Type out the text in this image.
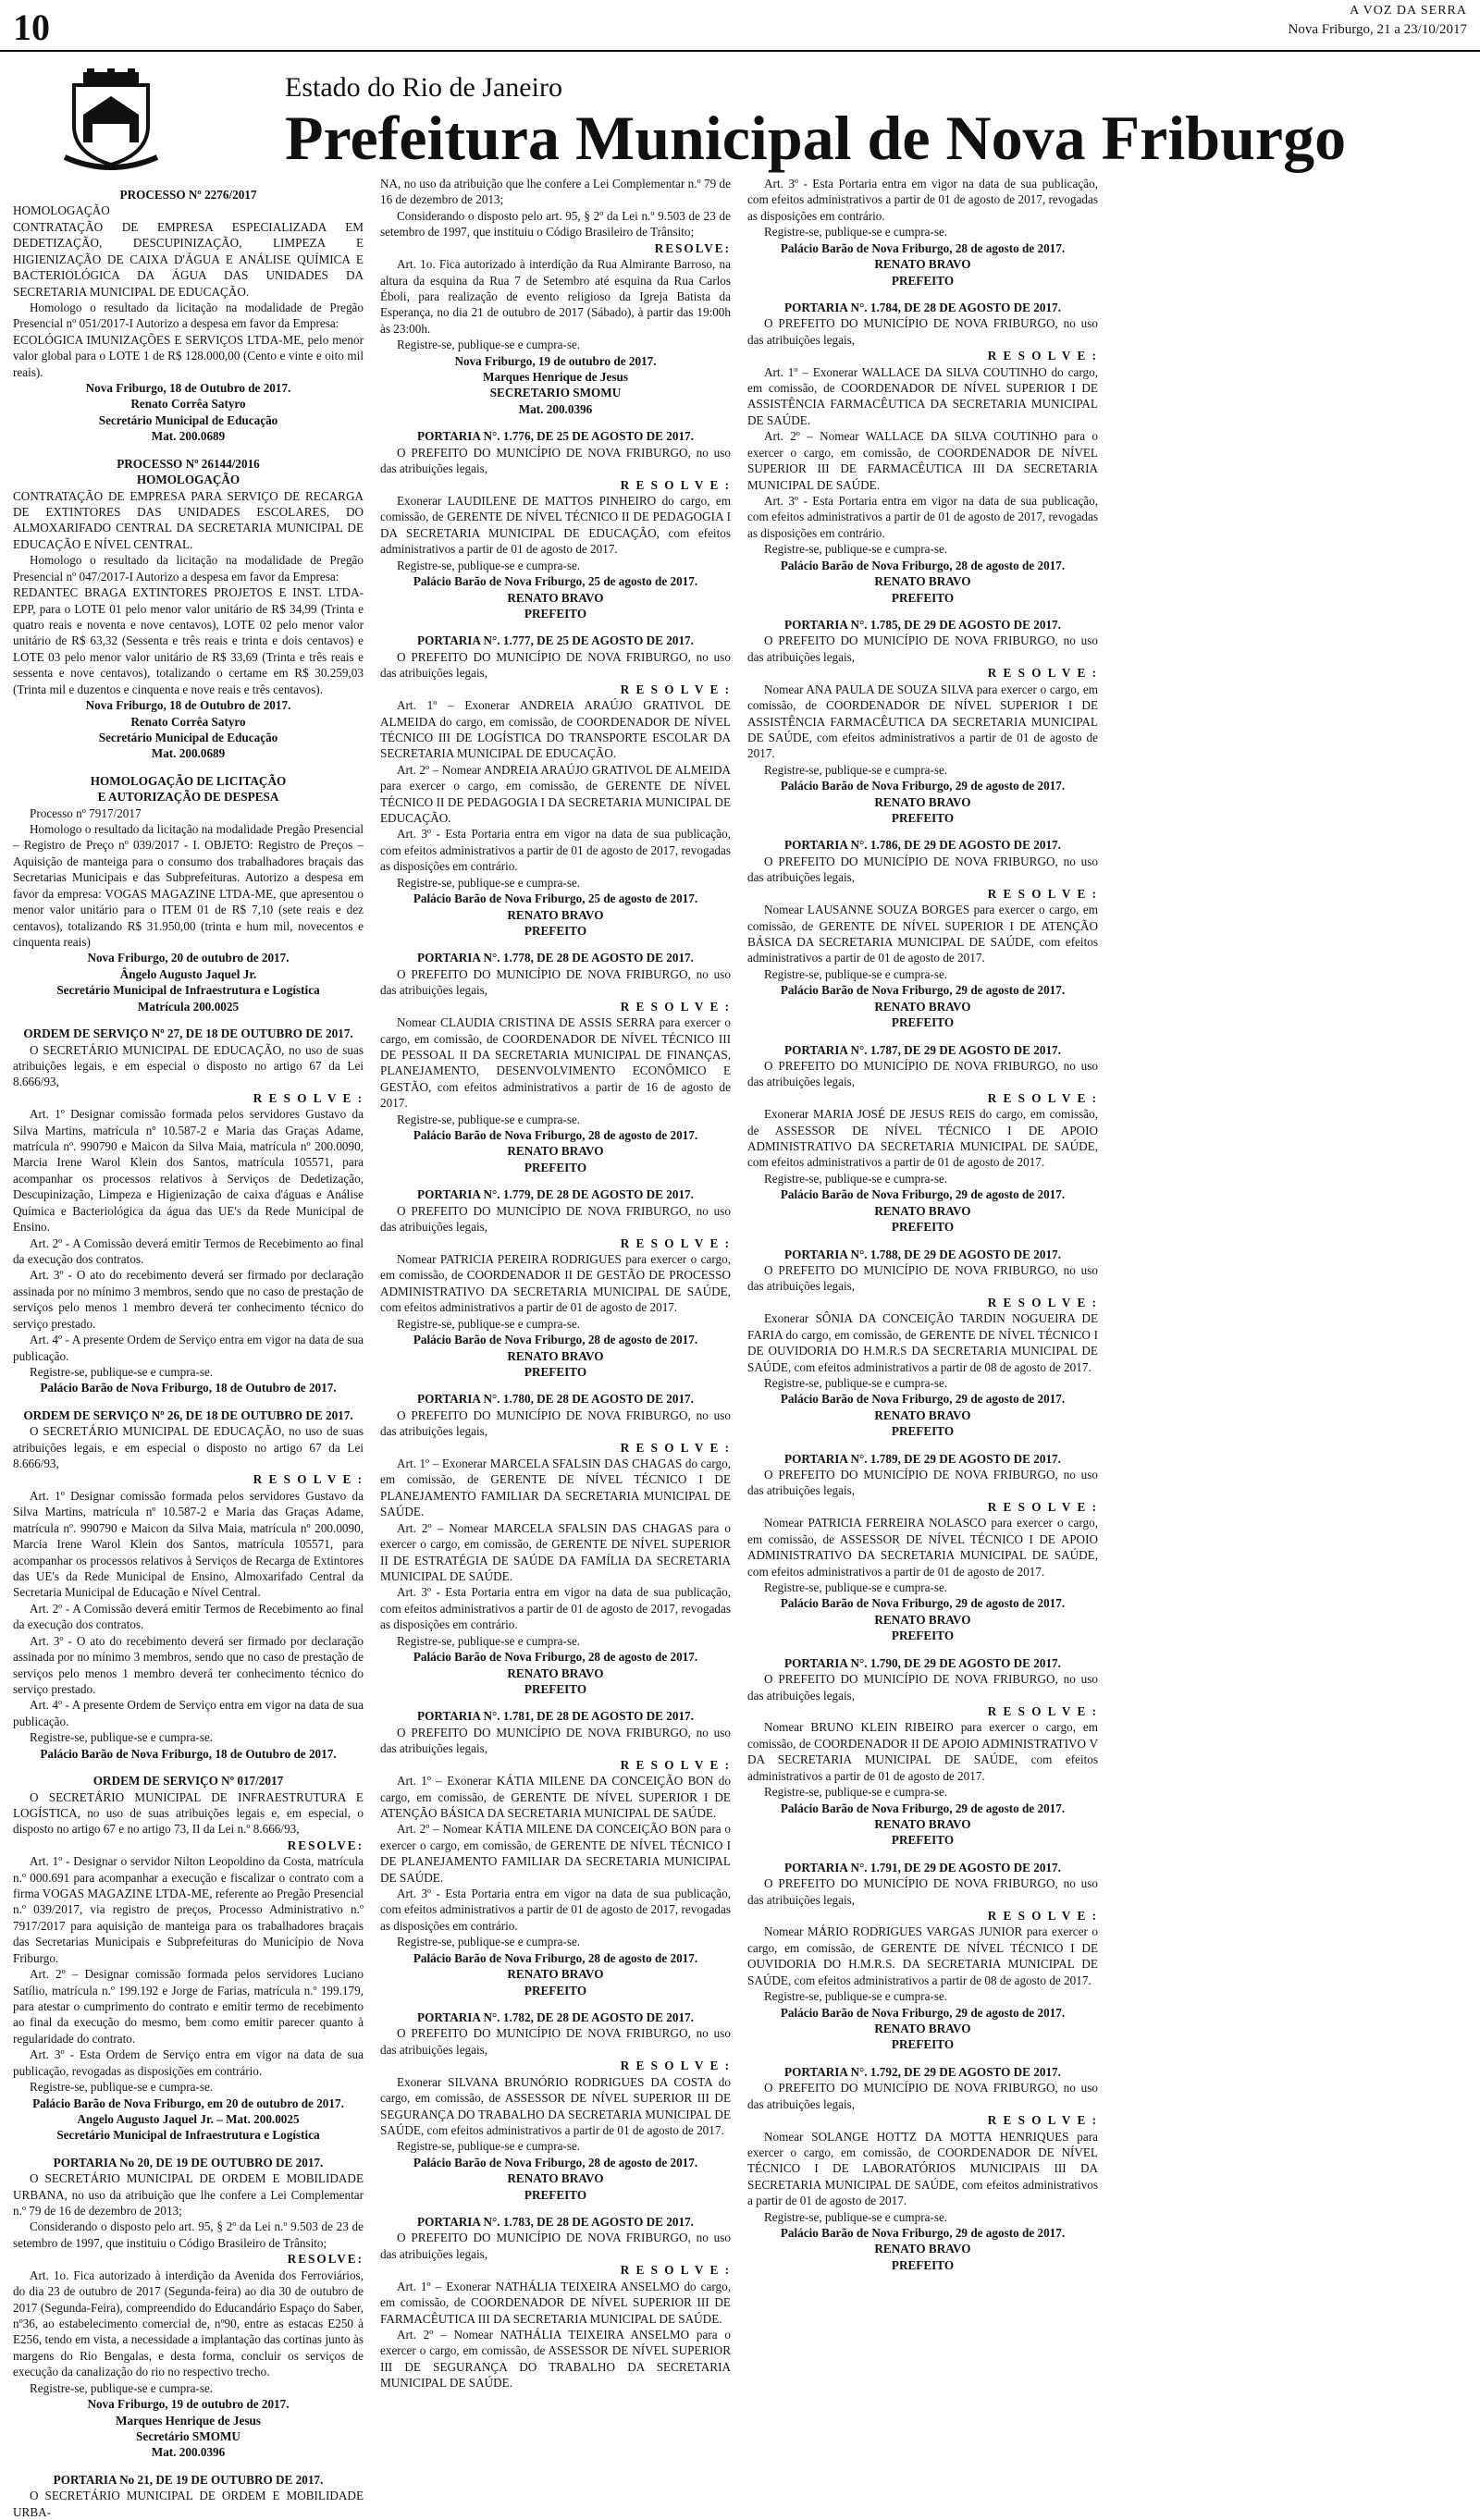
10	A VOZ DA SERRA
Nova Friburgo, 21 a 23/10/2017
Estado do Rio de Janeiro
Prefeitura Municipal de Nova Friburgo

PROCESSO Nº 2276/2017

HOMOLOGAÇÃO

CONTRATAÇÃO DE EMPRESA ESPECIALIZADA EM DEDETIZAÇÃO, DESCUPINIZAÇÃO, LIMPEZA E HIGIENIZAÇÃO DE CAIXA D'ÁGUA E ANÁLISE QUÍMICA E BACTERIOLÓGICA DA ÁGUA DAS UNIDADES DA SECRETARIA MUNICIPAL DE EDUCAÇÃO.

Homologo o resultado da licitação na modalidade de Pregão Presencial nº 051/2017-I Autorizo a despesa em favor da Empresa:

ECOLÓGICA IMUNIZAÇÕES E SERVIÇOS LTDA-ME, pelo menor valor global para o LOTE 1 de R$ 128.000,00 (Cento e vinte e oito mil reais).

Nova Friburgo, 18 de Outubro de 2017.

Renato Corrêa Satyro

Secretário Municipal de Educação

Mat. 200.0689

PROCESSO Nº 26144/2016

HOMOLOGAÇÃO

CONTRATAÇÃO DE EMPRESA PARA SERVIÇO DE RECARGA DE EXTINTORES DAS UNIDADES ESCOLARES, DO ALMOXARIFADO CENTRAL DA SECRETARIA MUNICIPAL DE EDUCAÇÃO E NÍVEL CENTRAL.

Homologo o resultado da licitação na modalidade de Pregão Presencial nº 047/2017-I Autorizo a despesa em favor da Empresa:

REDANTEC BRAGA EXTINTORES PROJETOS E INST. LTDA-EPP, para o LOTE 01 pelo menor valor unitário de R$ 34,99 (Trinta e quatro reais e noventa e nove centavos), LOTE 02 pelo menor valor unitário de R$ 63,32 (Sessenta e três reais e trinta e dois centavos) e LOTE 03 pelo menor valor unitário de R$ 33,69 (Trinta e três reais e sessenta e nove centavos), totalizando o certame em R$ 30.259,03 (Trinta mil e duzentos e cinquenta e nove reais e três centavos).

Nova Friburgo, 18 de Outubro de 2017.

Renato Corrêa Satyro

Secretário Municipal de Educação

Mat. 200.0689

HOMOLOGAÇÃO DE LICITAÇÃO

E AUTORIZAÇÃO DE DESPESA

Processo nº 7917/2017

Homologo o resultado da licitação na modalidade Pregão Presencial – Registro de Preço nº 039/2017 - I. OBJETO: Registro de Preços – Aquisição de manteiga para o consumo dos trabalhadores braçais das Secretarias Municipais e das Subprefeituras. Autorizo a despesa em favor da empresa: VOGAS MAGAZINE LTDA-ME, que apresentou o menor valor unitário para o ITEM 01 de R$ 7,10 (sete reais e dez centavos), totalizando R$ 31.950,00 (trinta e hum mil, novecentos e cinquenta reais)

Nova Friburgo, 20 de outubro de 2017.

Ângelo Augusto Jaquel Jr.

Secretário Municipal de Infraestrutura e Logística

Matrícula 200.0025

ORDEM DE SERVIÇO Nº 27, DE 18 DE OUTUBRO DE 2017.

O SECRETÁRIO MUNICIPAL DE EDUCAÇÃO, no uso de suas atribuições legais, e em especial o disposto no artigo 67 da Lei 8.666/93,

R E S O L V E :

Art. 1º Designar comissão formada pelos servidores Gustavo da Silva Martins, matrícula nº 10.587-2 e Maria das Graças Adame, matrícula nº. 990790 e Maicon da Silva Maia, matrícula nº 200.0090, Marcia Irene Warol Klein dos Santos, matrícula 105571, para acompanhar os processos relativos à Serviços de Dedetização, Descupinização, Limpeza e Higienização de caixa d'águas e Análise Química e Bacteriológica da água das UE's da Rede Municipal de Ensino.

Art. 2º - A Comissão deverá emitir Termos de Recebimento ao final da execução dos contratos.

Art. 3º - O ato do recebimento deverá ser firmado por declaração assinada por no mínimo 3 membros, sendo que no caso de prestação de serviços pelo menos 1 membro deverá ter conhecimento técnico do serviço prestado.

Art. 4º - A presente Ordem de Serviço entra em vigor na data de sua publicação.

Registre-se, publique-se e cumpra-se.

Palácio Barão de Nova Friburgo, 18 de Outubro de 2017.

ORDEM DE SERVIÇO Nº 26, DE 18 DE OUTUBRO DE 2017.

O SECRETÁRIO MUNICIPAL DE EDUCAÇÃO, no uso de suas atribuições legais, e em especial o disposto no artigo 67 da Lei 8.666/93,

R E S O L V E :

Art. 1º Designar comissão formada pelos servidores Gustavo da Silva Martins, matrícula nº 10.587-2 e Maria das Graças Adame, matrícula nº. 990790 e Maicon da Silva Maia, matrícula nº 200.0090, Marcia Irene Warol Klein dos Santos, matrícula 105571, para acompanhar os processos relativos à Serviços de Recarga de Extintores das UE's da Rede Municipal de Ensino, Almoxarifado Central da Secretaria Municipal de Educação e Nível Central.

Art. 2º - A Comissão deverá emitir Termos de Recebimento ao final da execução dos contratos.

Art. 3º - O ato do recebimento deverá ser firmado por declaração assinada por no mínimo 3 membros, sendo que no caso de prestação de serviços pelo menos 1 membro deverá ter conhecimento técnico do serviço prestado.

Art. 4º - A presente Ordem de Serviço entra em vigor na data de sua publicação.

Registre-se, publique-se e cumpra-se.

Palácio Barão de Nova Friburgo, 18 de Outubro de 2017.

ORDEM DE SERVIÇO Nº 017/2017

O SECRETÁRIO MUNICIPAL DE INFRAESTRUTURA E LOGÍSTICA, no uso de suas atribuições legais e, em especial, o disposto no artigo 67 e no artigo 73, II da Lei n.º 8.666/93,

RESOLVE:

Art. 1º - Designar o servidor Nilton Leopoldino da Costa, matrícula n.º 000.691 para acompanhar a execução e fiscalizar o contrato com a firma VOGAS MAGAZINE LTDA-ME, referente ao Pregão Presencial n.º 039/2017, via registro de preços, Processo Administrativo n.º 7917/2017 para aquisição de manteiga para os trabalhadores braçais das Secretarias Municipais e Subprefeituras do Município de Nova Friburgo.

Art. 2º – Designar comissão formada pelos servidores Luciano Satílio, matrícula n.º 199.192 e Jorge de Farias, matrícula n.º 199.179, para atestar o cumprimento do contrato e emitir termo de recebimento ao final da execução do mesmo, bem como emitir parecer quanto à regularidade do contrato.

Art. 3º - Esta Ordem de Serviço entra em vigor na data de sua publicação, revogadas as disposições em contrário.

Registre-se, publique-se e cumpra-se.

Palácio Barão de Nova Friburgo, em 20 de outubro de 2017.

Angelo Augusto Jaquel Jr. – Mat. 200.0025

Secretário Municipal de Infraestrutura e Logística

PORTARIA No 20, DE 19 DE OUTUBRO DE 2017.

O SECRETÁRIO MUNICIPAL DE ORDEM E MOBILIDADE URBANA, no uso da atribuição que lhe confere a Lei Complementar n.º 79 de 16 de dezembro de 2013;

Considerando o disposto pelo art. 95, § 2º da Lei n.º 9.503 de 23 de setembro de 1997, que instituiu o Código Brasileiro de Trânsito;

RESOLVE:

Art. 1o. Fica autorizado à interdição da Avenida dos Ferroviários, do dia 23 de outubro de 2017 (Segunda-feira) ao dia 30 de outubro de 2017 (Segunda-Feira), compreendido do Educandário Espaço do Saber, nº36, ao estabelecimento comercial de, nº90, entre as estacas E250 à E256, tendo em vista, a necessidade a implantação das cortinas junto às margens do Rio Bengalas, e desta forma, concluir os serviços de execução da canalização do rio no respectivo trecho.

Registre-se, publique-se e cumpra-se.

Nova Friburgo, 19 de outubro de 2017.

Marques Henrique de Jesus

Secretário SMOMU

Mat. 200.0396

PORTARIA No 21, DE 19 DE OUTUBRO DE 2017.

O SECRETÁRIO MUNICIPAL DE ORDEM E MOBILIDADE URBA-

NA, no uso da atribuição que lhe confere a Lei Complementar n.º 79 de 16 de dezembro de 2013;

Considerando o disposto pelo art. 95, § 2º da Lei n.º 9.503 de 23 de setembro de 1997, que instituiu o Código Brasileiro de Trânsito;

RESOLVE:

Art. 1o. Fica autorizado à interdição da Rua Almirante Barroso, na altura da esquina da Rua 7 de Setembro até esquina da Rua Carlos Éboli, para realização de evento religioso da Igreja Batista da Esperança, no dia 21 de outubro de 2017 (Sábado), à partir das 19:00h às 23:00h.

Registre-se, publique-se e cumpra-se.

Nova Friburgo, 19 de outubro de 2017.

Marques Henrique de Jesus

SECRETARIO SMOMU

Mat. 200.0396

PORTARIA N°. 1.776, DE 25 DE AGOSTO DE 2017.

O PREFEITO DO MUNICÍPIO DE NOVA FRIBURGO, no uso das atribuições legais,

R E S O L V E :

Exonerar LAUDILENE DE MATTOS PINHEIRO do cargo, em comissão, de GERENTE DE NÍVEL TÉCNICO II DE PEDAGOGIA I DA SECRETARIA MUNICIPAL DE EDUCAÇÃO, com efeitos administrativos a partir de 01 de agosto de 2017.

Registre-se, publique-se e cumpra-se.

Palácio Barão de Nova Friburgo, 25 de agosto de 2017.

RENATO BRAVO

PREFEITO

PORTARIA N°. 1.777, DE 25 DE AGOSTO DE 2017.

O PREFEITO DO MUNICÍPIO DE NOVA FRIBURGO, no uso das atribuições legais,

R E S O L V E :

Art. 1º – Exonerar ANDREIA ARAÚJO GRATIVOL DE ALMEIDA do cargo, em comissão, de COORDENADOR DE NÍVEL TÉCNICO III DE LOGÍSTICA DO TRANSPORTE ESCOLAR DA SECRETARIA MUNICIPAL DE EDUCAÇÃO.

Art. 2º – Nomear ANDREIA ARAÚJO GRATIVOL DE ALMEIDA para exercer o cargo, em comissão, de GERENTE DE NÍVEL TÉCNICO II DE PEDAGOGIA I DA SECRETARIA MUNICIPAL DE EDUCAÇÃO.

Art. 3º - Esta Portaria entra em vigor na data de sua publicação, com efeitos administrativos a partir de 01 de agosto de 2017, revogadas as disposições em contrário.

Registre-se, publique-se e cumpra-se.

Palácio Barão de Nova Friburgo, 25 de agosto de 2017.

RENATO BRAVO

PREFEITO

PORTARIA N°. 1.778, DE 28 DE AGOSTO DE 2017.

O PREFEITO DO MUNICÍPIO DE NOVA FRIBURGO, no uso das atribuições legais,

R E S O L V E :

Nomear CLAUDIA CRISTINA DE ASSIS SERRA para exercer o cargo, em comissão, de COORDENADOR DE NÍVEL TÉCNICO III DE PESSOAL II DA SECRETARIA MUNICIPAL DE FINANÇAS, PLANEJAMENTO, DESENVOLVIMENTO ECONÔMICO E GESTÃO, com efeitos administrativos a partir de 16 de agosto de 2017.

Registre-se, publique-se e cumpra-se.

Palácio Barão de Nova Friburgo, 28 de agosto de 2017.

RENATO BRAVO

PREFEITO

PORTARIA N°. 1.779, DE 28 DE AGOSTO DE 2017.

O PREFEITO DO MUNICÍPIO DE NOVA FRIBURGO, no uso das atribuições legais,

R E S O L V E :

Nomear PATRICIA PEREIRA RODRIGUES para exercer o cargo, em comissão, de COORDENADOR II DE GESTÃO DE PROCESSO ADMINISTRATIVO DA SECRETARIA MUNICIPAL DE SAÚDE, com efeitos administrativos a partir de 01 de agosto de 2017.

Registre-se, publique-se e cumpra-se.

Palácio Barão de Nova Friburgo, 28 de agosto de 2017.

RENATO BRAVO

PREFEITO

PORTARIA N°. 1.780, DE 28 DE AGOSTO DE 2017.

O PREFEITO DO MUNICÍPIO DE NOVA FRIBURGO, no uso das atribuições legais,

R E S O L V E :

Art. 1º – Exonerar MARCELA SFALSIN DAS CHAGAS do cargo, em comissão, de GERENTE DE NÍVEL TÉCNICO I DE PLANEJAMENTO FAMILIAR DA SECRETARIA MUNICIPAL DE SAÚDE.

Art. 2º – Nomear MARCELA SFALSIN DAS CHAGAS para o exercer o cargo, em comissão, de GERENTE DE NÍVEL SUPERIOR II DE ESTRATÉGIA DE SAÚDE DA FAMÍLIA DA SECRETARIA MUNICIPAL DE SAÚDE.

Art. 3º - Esta Portaria entra em vigor na data de sua publicação, com efeitos administrativos a partir de 01 de agosto de 2017, revogadas as disposições em contrário.

Registre-se, publique-se e cumpra-se.

Palácio Barão de Nova Friburgo, 28 de agosto de 2017.

RENATO BRAVO

PREFEITO

PORTARIA N°. 1.781, DE 28 DE AGOSTO DE 2017.

O PREFEITO DO MUNICÍPIO DE NOVA FRIBURGO, no uso das atribuições legais,

R E S O L V E :

Art. 1º – Exonerar KÁTIA MILENE DA CONCEIÇÃO BON do cargo, em comissão, de GERENTE DE NÍVEL SUPERIOR I DE ATENÇÃO BÁSICA DA SECRETARIA MUNICIPAL DE SAÚDE.

Art. 2º – Nomear KÁTIA MILENE DA CONCEIÇÃO BON para o exercer o cargo, em comissão, de GERENTE DE NÍVEL TÉCNICO I DE PLANEJAMENTO FAMILIAR DA SECRETARIA MUNICIPAL DE SAÚDE.

Art. 3º - Esta Portaria entra em vigor na data de sua publicação, com efeitos administrativos a partir de 01 de agosto de 2017, revogadas as disposições em contrário.

Registre-se, publique-se e cumpra-se.

Palácio Barão de Nova Friburgo, 28 de agosto de 2017.

RENATO BRAVO

PREFEITO

PORTARIA N°. 1.782, DE 28 DE AGOSTO DE 2017.

O PREFEITO DO MUNICÍPIO DE NOVA FRIBURGO, no uso das atribuições legais,

R E S O L V E :

Exonerar SILVANA BRUNÓRIO RODRIGUES DA COSTA do cargo, em comissão, de ASSESSOR DE NÍVEL SUPERIOR III DE SEGURANÇA DO TRABALHO DA SECRETARIA MUNICIPAL DE SAÚDE, com efeitos administrativos a partir de 01 de agosto de 2017.

Registre-se, publique-se e cumpra-se.

Palácio Barão de Nova Friburgo, 28 de agosto de 2017.

RENATO BRAVO

PREFEITO

PORTARIA N°. 1.783, DE 28 DE AGOSTO DE 2017.

O PREFEITO DO MUNICÍPIO DE NOVA FRIBURGO, no uso das atribuições legais,

R E S O L V E :

Art. 1º – Exonerar NATHÁLIA TEIXEIRA ANSELMO do cargo, em comissão, de COORDENADOR DE NÍVEL SUPERIOR III DE FARMACÊUTICA III DA SECRETARIA MUNICIPAL DE SAÚDE.

Art. 2º – Nomear NATHÁLIA TEIXEIRA ANSELMO para o exercer o cargo, em comissão, de ASSESSOR DE NÍVEL SUPERIOR III DE SEGURANÇA DO TRABALHO DA SECRETARIA MUNICIPAL DE SAÚDE.

Art. 3º - Esta Portaria entra em vigor na data de sua publicação, com efeitos administrativos a partir de 01 de agosto de 2017, revogadas as disposições em contrário.

Registre-se, publique-se e cumpra-se.

Palácio Barão de Nova Friburgo, 28 de agosto de 2017.

RENATO BRAVO

PREFEITO

PORTARIA N°. 1.784, DE 28 DE AGOSTO DE 2017.

O PREFEITO DO MUNICÍPIO DE NOVA FRIBURGO, no uso das atribuições legais,

R E S O L V E :

Art. 1º – Exonerar WALLACE DA SILVA COUTINHO do cargo, em comissão, de COORDENADOR DE NÍVEL SUPERIOR I DE ASSISTÊNCIA FARMACÊUTICA DA SECRETARIA MUNICIPAL DE SAÚDE.

Art. 2º – Nomear WALLACE DA SILVA COUTINHO para o exercer o cargo, em comissão, de COORDENADOR DE NÍVEL SUPERIOR III DE FARMACÊUTICA III DA SECRETARIA MUNICIPAL DE SAÚDE.

Art. 3º - Esta Portaria entra em vigor na data de sua publicação, com efeitos administrativos a partir de 01 de agosto de 2017, revogadas as disposições em contrário.

Registre-se, publique-se e cumpra-se.

Palácio Barão de Nova Friburgo, 28 de agosto de 2017.

RENATO BRAVO

PREFEITO

PORTARIA N°. 1.785, DE 29 DE AGOSTO DE 2017.

O PREFEITO DO MUNICÍPIO DE NOVA FRIBURGO, no uso das atribuições legais,

R E S O L V E :

Nomear ANA PAULA DE SOUZA SILVA para exercer o cargo, em comissão, de COORDENADOR DE NÍVEL SUPERIOR I DE ASSISTÊNCIA FARMACÊUTICA DA SECRETARIA MUNICIPAL DE SAÚDE, com efeitos administrativos a partir de 01 de agosto de 2017.

Registre-se, publique-se e cumpra-se.

Palácio Barão de Nova Friburgo, 29 de agosto de 2017.

RENATO BRAVO

PREFEITO

PORTARIA N°. 1.786, DE 29 DE AGOSTO DE 2017.

O PREFEITO DO MUNICÍPIO DE NOVA FRIBURGO, no uso das atribuições legais,

R E S O L V E :

Nomear LAUSANNE SOUZA BORGES para exercer o cargo, em comissão, de GERENTE DE NÍVEL SUPERIOR I DE ATENÇÃO BÁSICA DA SECRETARIA MUNICIPAL DE SAÚDE, com efeitos administrativos a partir de 01 de agosto de 2017.

Registre-se, publique-se e cumpra-se.

Palácio Barão de Nova Friburgo, 29 de agosto de 2017.

RENATO BRAVO

PREFEITO

PORTARIA N°. 1.787, DE 29 DE AGOSTO DE 2017.

O PREFEITO DO MUNICÍPIO DE NOVA FRIBURGO, no uso das atribuições legais,

R E S O L V E :

Exonerar MARIA JOSÉ DE JESUS REIS do cargo, em comissão, de ASSESSOR DE NÍVEL TÉCNICO I DE APOIO ADMINISTRATIVO DA SECRETARIA MUNICIPAL DE SAÚDE, com efeitos administrativos a partir de 01 de agosto de 2017.

Registre-se, publique-se e cumpra-se.

Palácio Barão de Nova Friburgo, 29 de agosto de 2017.

RENATO BRAVO

PREFEITO

PORTARIA N°. 1.788, DE 29 DE AGOSTO DE 2017.

O PREFEITO DO MUNICÍPIO DE NOVA FRIBURGO, no uso das atribuições legais,

R E S O L V E :

Exonerar SÔNIA DA CONCEIÇÃO TARDIN NOGUEIRA DE FARIA do cargo, em comissão, de GERENTE DE NÍVEL TÉCNICO I DE OUVIDORIA DO H.M.R.S DA SECRETARIA MUNICIPAL DE SAÚDE, com efeitos administrativos a partir de 08 de agosto de 2017.

Registre-se, publique-se e cumpra-se.

Palácio Barão de Nova Friburgo, 29 de agosto de 2017.

RENATO BRAVO

PREFEITO

PORTARIA N°. 1.789, DE 29 DE AGOSTO DE 2017.

O PREFEITO DO MUNICÍPIO DE NOVA FRIBURGO, no uso das atribuições legais,

R E S O L V E :

Nomear PATRICIA FERREIRA NOLASCO para exercer o cargo, em comissão, de ASSESSOR DE NÍVEL TÉCNICO I DE APOIO ADMINISTRATIVO DA SECRETARIA MUNICIPAL DE SAÚDE, com efeitos administrativos a partir de 01 de agosto de 2017.

Registre-se, publique-se e cumpra-se.

Palácio Barão de Nova Friburgo, 29 de agosto de 2017.

RENATO BRAVO

PREFEITO

PORTARIA N°. 1.790, DE 29 DE AGOSTO DE 2017.

O PREFEITO DO MUNICÍPIO DE NOVA FRIBURGO, no uso das atribuições legais,

R E S O L V E :

Nomear BRUNO KLEIN RIBEIRO para exercer o cargo, em comissão, de COORDENADOR II DE APOIO ADMINISTRATIVO V DA SECRETARIA MUNICIPAL DE SAÚDE, com efeitos administrativos a partir de 01 de agosto de 2017.

Registre-se, publique-se e cumpra-se.

Palácio Barão de Nova Friburgo, 29 de agosto de 2017.

RENATO BRAVO

PREFEITO

PORTARIA N°. 1.791, DE 29 DE AGOSTO DE 2017.

O PREFEITO DO MUNICÍPIO DE NOVA FRIBURGO, no uso das atribuições legais,

R E S O L V E :

Nomear MÁRIO RODRIGUES VARGAS JUNIOR para exercer o cargo, em comissão, de GERENTE DE NÍVEL TÉCNICO I DE OUVIDORIA DO H.M.R.S. DA SECRETARIA MUNICIPAL DE SAÚDE, com efeitos administrativos a partir de 08 de agosto de 2017.

Registre-se, publique-se e cumpra-se.

Palácio Barão de Nova Friburgo, 29 de agosto de 2017.

RENATO BRAVO

PREFEITO

PORTARIA N°. 1.792, DE 29 DE AGOSTO DE 2017.

O PREFEITO DO MUNICÍPIO DE NOVA FRIBURGO, no uso das atribuições legais,

R E S O L V E :

Nomear SOLANGE HOTTZ DA MOTTA HENRIQUES para exercer o cargo, em comissão, de COORDENADOR DE NÍVEL TÉCNICO I DE LABORATÓRIOS MUNICIPAIS III DA SECRETARIA MUNICIPAL DE SAÚDE, com efeitos administrativos a partir de 01 de agosto de 2017.

Registre-se, publique-se e cumpra-se.

Palácio Barão de Nova Friburgo, 29 de agosto de 2017.

RENATO BRAVO

PREFEITO
